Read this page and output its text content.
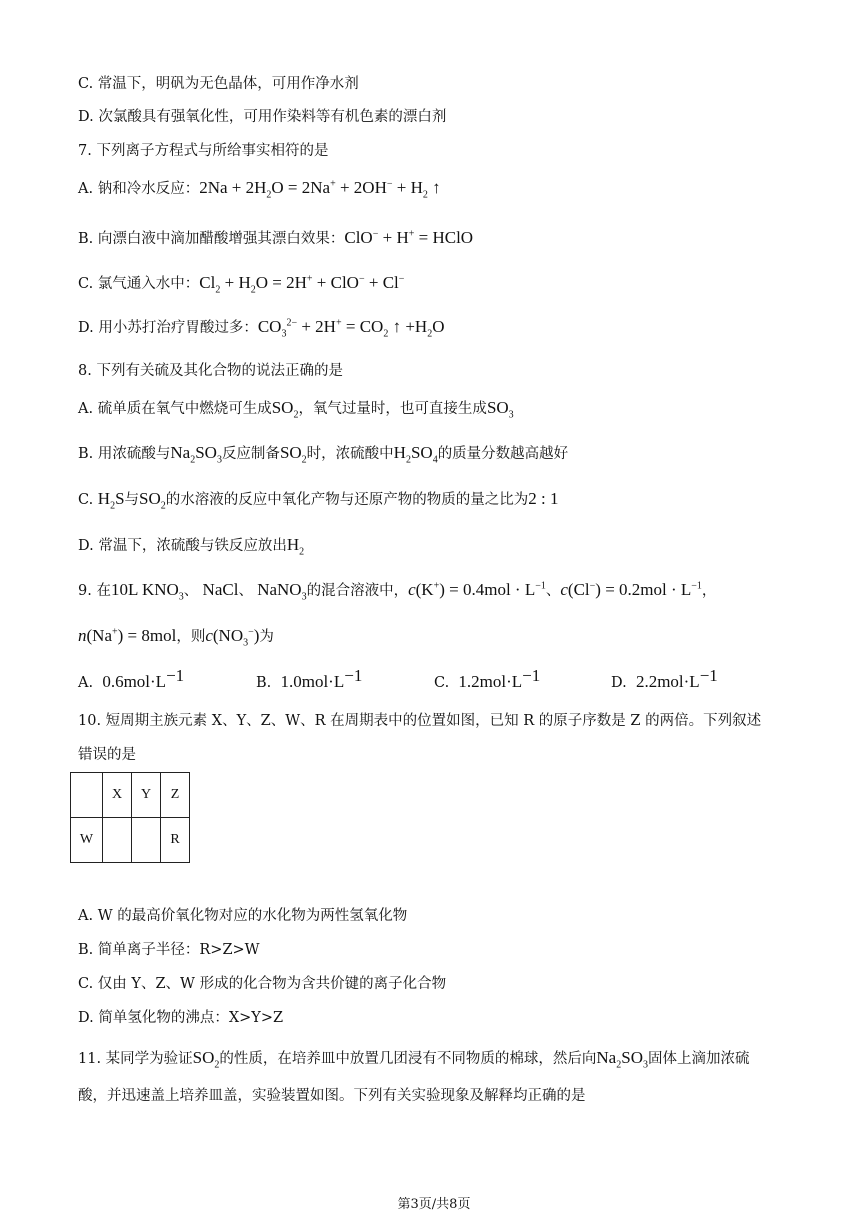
C. 常温下，明矾为无色晶体，可用作净水剂
D. 次氯酸具有强氧化性，可用作染料等有机色素的漂白剂
7. 下列离子方程式与所给事实相符的是
A. 钠和冷水反应：$2Na + 2H_2O = 2Na^+ + 2OH^- + H_2$ ↑
B. 向漂白液中滴加醋酸增强其漂白效果：ClO− + H+ = HClO
C. 氯气通入水中：$Cl_2 + H_2O = 2H^+ + ClO^- + Cl^-$
D. 用小苏打治疗胃酸过多：$CO_3^{2-} + 2H^+ = CO_2$ ↑ $+H_2O$
8. 下列有关硫及其化合物的说法正确的是
A. 硫单质在氧气中燃烧可生成$SO_2$，氧气过量时，也可直接生成$SO_3$
B. 用浓硫酸与$Na_2SO_3$反应制备$SO_2$时，浓硫酸中$H_2SO_4$的质量分数越高越好
C. $H_2S$与$SO_2$的水溶液的反应中氧化产物与还原产物的物质的量之比为2 : 1
D. 常温下，浓硫酸与铁反应放出$H_2$
9. 在10L $KNO_3$、 NaCl、 NaNO$_3$的混合溶液中，$c(K^+) = 0.4mol \cdot L^{-1}$、$c(Cl^-) = 0.2mol \cdot L^{-1}$，
n(Na+) = 8mol，则$c(NO_3^-)$为
A. $0.6mol\cdot L^{-1}$	B. $1.0mol\cdot L^{-1}$	C. $1.2mol\cdot L^{-1}$	D. $2.2mol\cdot L^{-1}$
10. 短周期主族元素 X、Y、Z、W、R 在周期表中的位置如图，已知 R 的原子序数是 Z 的两倍。下列叙述
错误的是
	X	Y	Z
W			R
A. W 的最高价氧化物对应的水化物为两性氢氧化物
B. 简单离子半径：R>Z>W
C. 仅由 Y、Z、W 形成的化合物为含共价键的离子化合物
D. 简单氢化物的沸点：X>Y>Z
11. 某同学为验证$SO_2$的性质，在培养皿中放置几团浸有不同物质的棉球，然后向$Na_2SO_3$固体上滴加浓硫
酸，并迅速盖上培养皿盖，实验装置如图。下列有关实验现象及解释均正确的是
第3页/共8页
